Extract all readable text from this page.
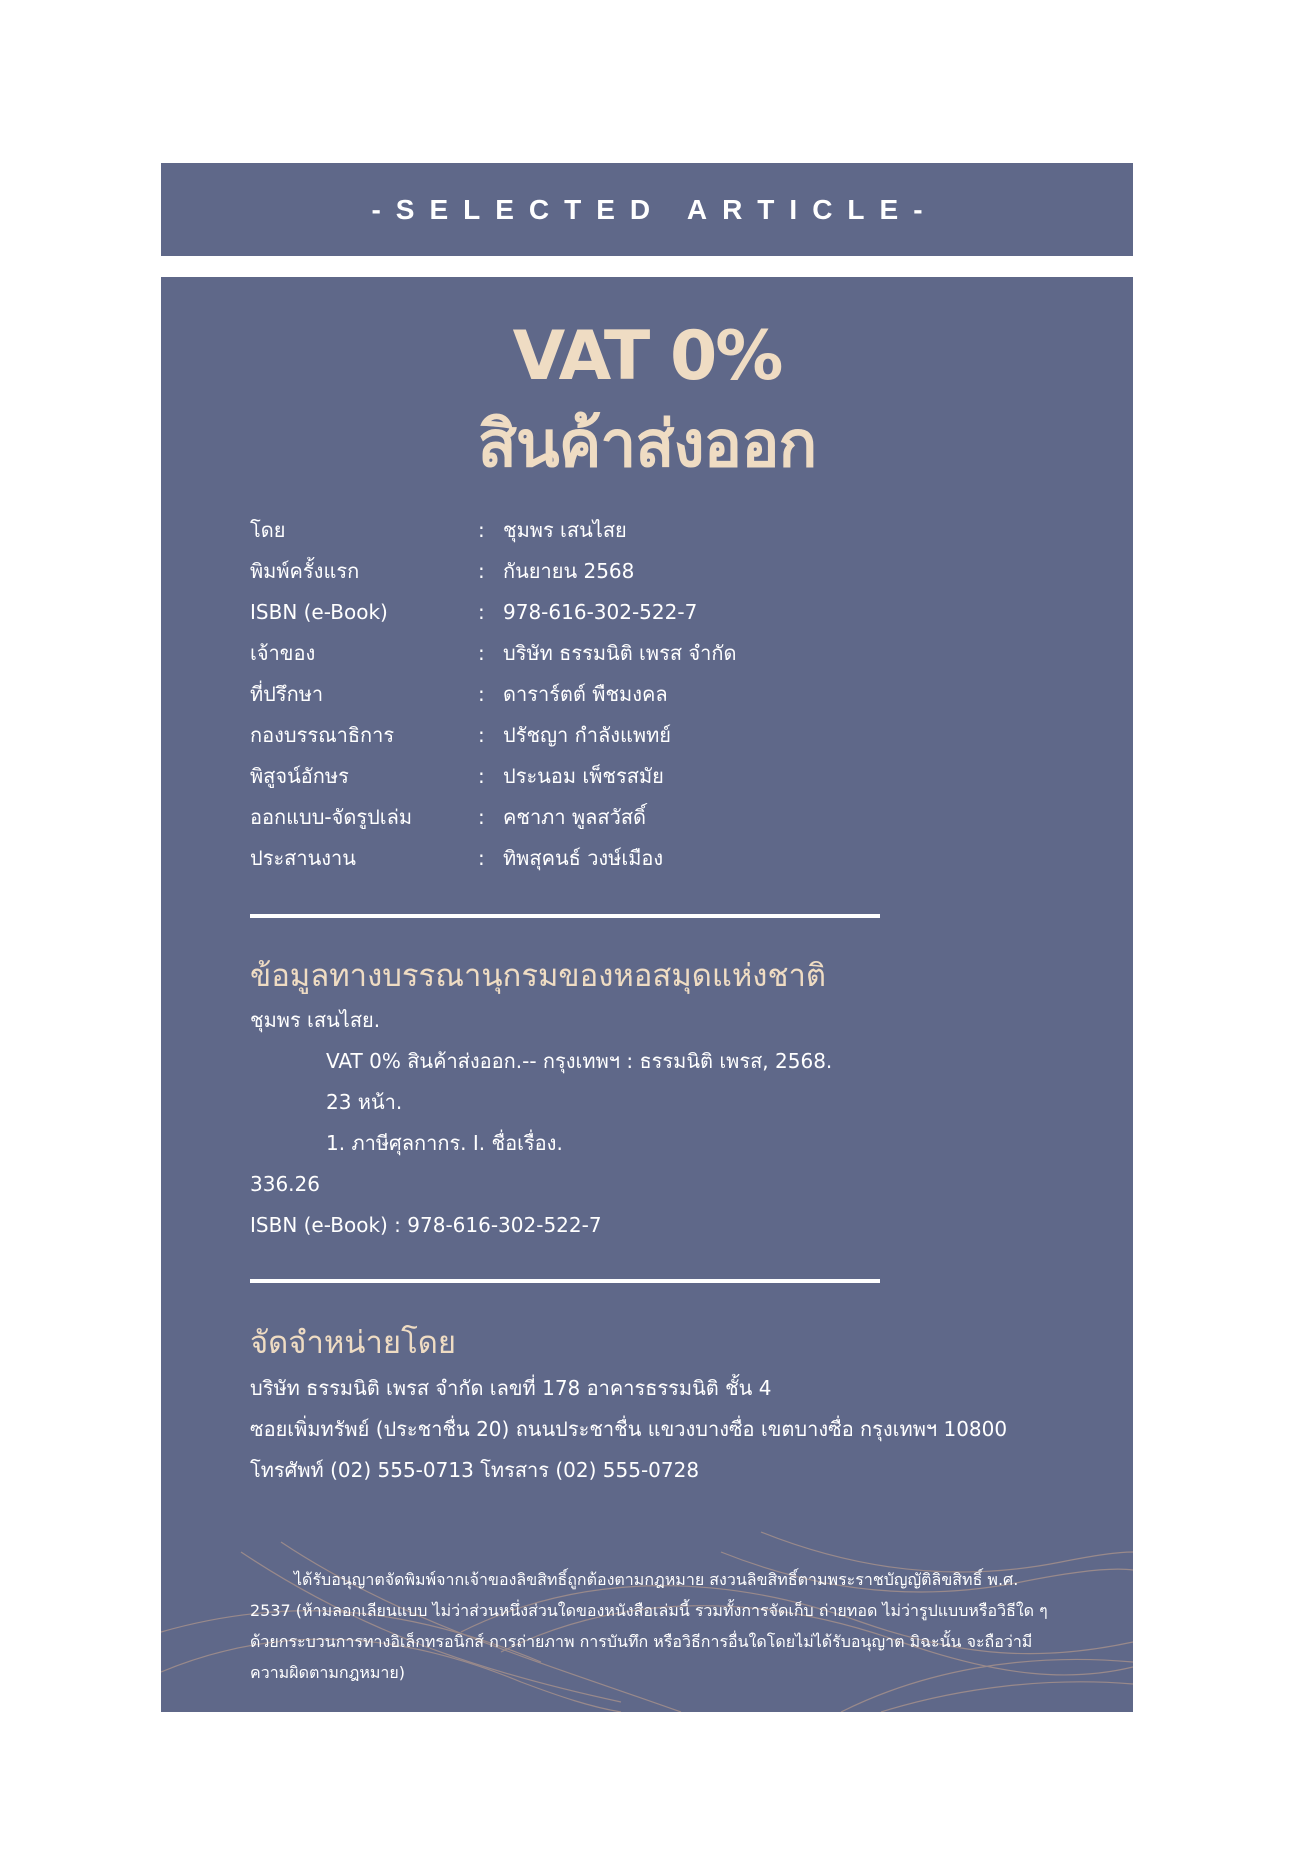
-SELECTED ARTICLE-
VAT 0%
สินค้าส่งออก
โดย	: ชุมพร เสนไสย
พิมพ์ครั้งแรก	: กันยายน 2568
ISBN (e-Book)	: 978-616-302-522-7
เจ้าของ	: บริษัท ธรรมนิติ เพรส จำกัด
ที่ปรึกษา	: ดาราร์ตต์ พืชมงคล
กองบรรณาธิการ	: ปรัชญา กำลังแพทย์
พิสูจน์อักษร	: ประนอม เพ็ชรสมัย
ออกแบบ-จัดรูปเล่ม	: คชาภา พูลสวัสดิ์
ประสานงาน	: ทิพสุคนธ์ วงษ์เมือง
ข้อมูลทางบรรณานุกรมของหอสมุดแห่งชาติ
ชุมพร เสนไสย.
VAT 0% สินค้าส่งออก.-- กรุงเทพฯ : ธรรมนิติ เพรส, 2568.
23 หน้า.
1. ภาษีศุลกากร. I. ชื่อเรื่อง.
336.26
ISBN (e-Book) : 978-616-302-522-7
จัดจำหน่ายโดย
บริษัท ธรรมนิติ เพรส จำกัด เลขที่ 178 อาคารธรรมนิติ ชั้น 4
ซอยเพิ่มทรัพย์ (ประชาชื่น 20) ถนนประชาชื่น แขวงบางซื่อ เขตบางซื่อ กรุงเทพฯ 10800
โทรศัพท์ (02) 555-0713 โทรสาร (02) 555-0728

ได้รับอนุญาตจัดพิมพ์จากเจ้าของลิขสิทธิ์ถูกต้องตามกฎหมาย สงวนลิขสิทธิ์ตามพระราชบัญญัติลิขสิทธิ์ พ.ศ. 2537 (ห้ามลอกเลียนแบบ ไม่ว่าส่วนหนึ่งส่วนใดของหนังสือเล่มนี้ รวมทั้งการจัดเก็บ ถ่ายทอด ไม่ว่ารูปแบบหรือวิธีใด ๆ ด้วยกระบวนการทางอิเล็กทรอนิกส์ การถ่ายภาพ การบันทึก หรือวิธีการอื่นใดโดยไม่ได้รับอนุญาต มิฉะนั้น จะถือว่ามีความผิดตามกฎหมาย)
